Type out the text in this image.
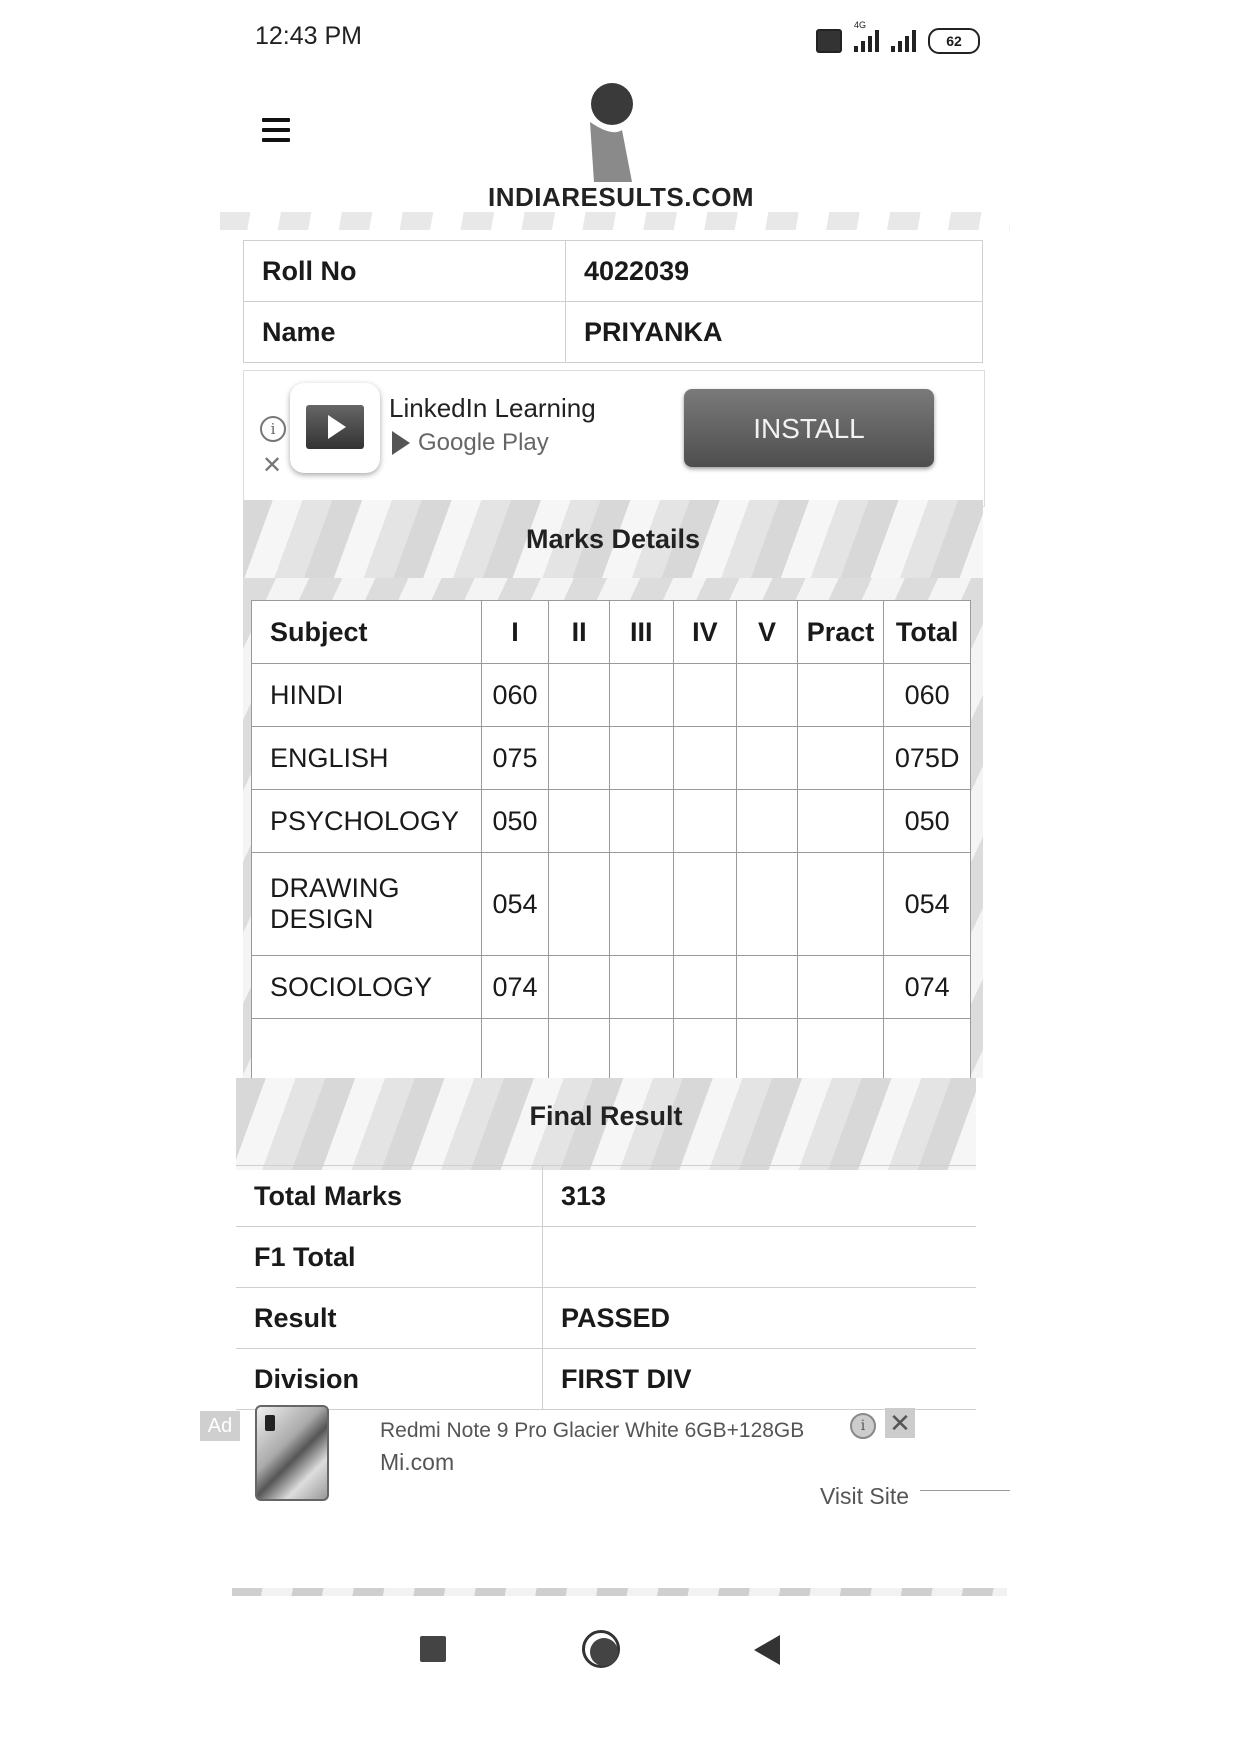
12:43 PM	4G
62
INDIARESULTS.COM
Roll No	4022039
Name	PRIYANKA
i
✕
LinkedIn Learning
Google Play	INSTALL
Marks Details
Subject	I	II	III	IV	V	Pract	Total
HINDI	060						060
ENGLISH	075						075D
PSYCHOLOGY	050						050
DRAWING DESIGN	054						054
SOCIOLOGY	074						074

Final Result
Total Marks	313
F1 Total	
Result	PASSED
Division	FIRST DIV
Ad	Redmi Note 9 Pro Glacier White 6GB+128GB
Mi.com
i ✕
Visit Site
